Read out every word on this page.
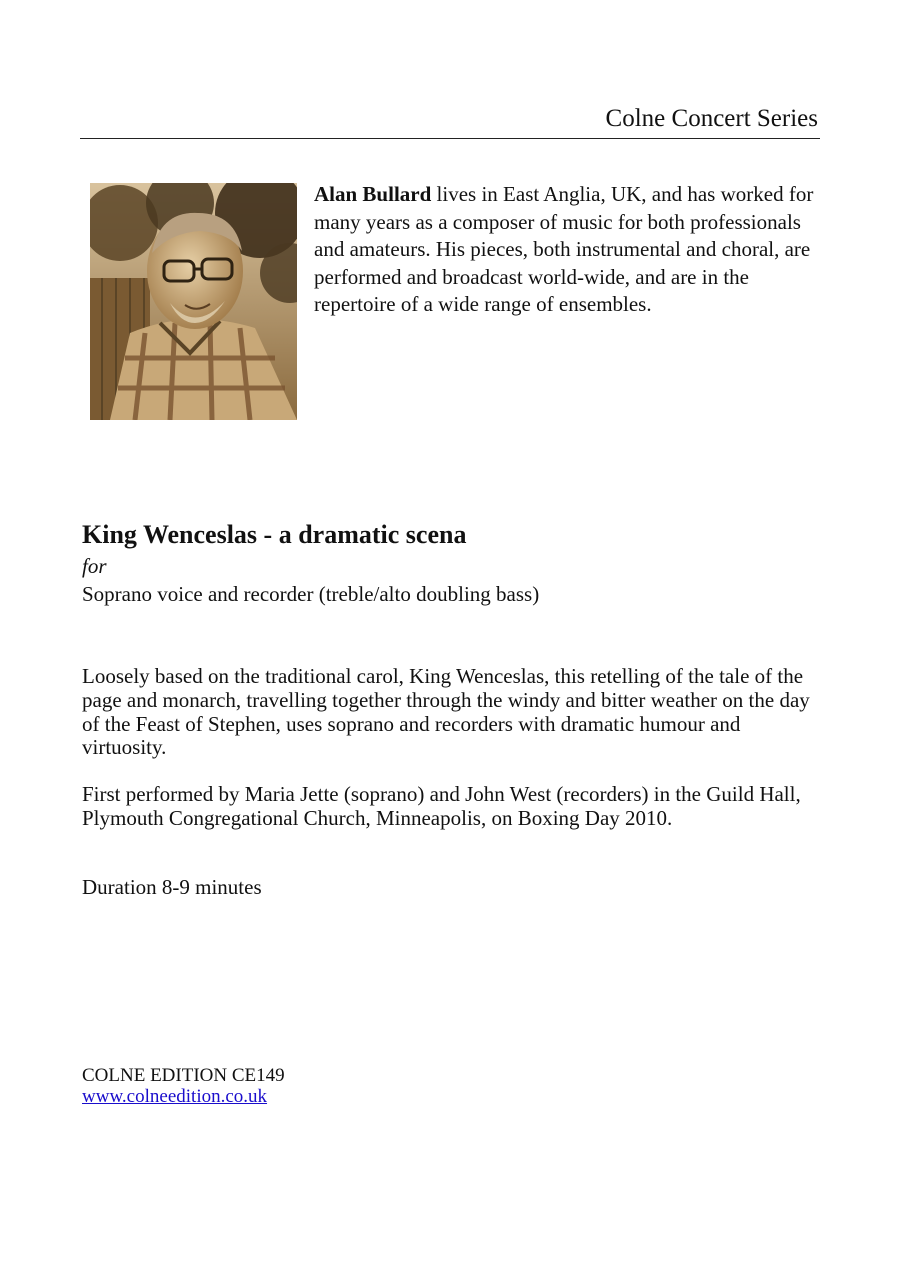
Colne Concert Series
Alan Bullard lives in East Anglia, UK, and has worked for many years as a composer of music for both professionals and amateurs. His pieces, both instrumental and choral, are performed and broadcast world-wide, and are in the repertoire of a wide range of ensembles.
King Wenceslas - a dramatic scena
for
Soprano voice and recorder (treble/alto doubling bass)
Loosely based on the traditional carol, King Wenceslas, this retelling of the tale of the page and monarch, travelling together through the windy and bitter weather on the day of the Feast of Stephen, uses soprano and recorders with dramatic humour and virtuosity.
First performed by Maria Jette (soprano) and John West (recorders) in the Guild Hall, Plymouth Congregational Church, Minneapolis, on Boxing Day 2010.
Duration 8-9 minutes
COLNE EDITION CE149
www.colneedition.co.uk
